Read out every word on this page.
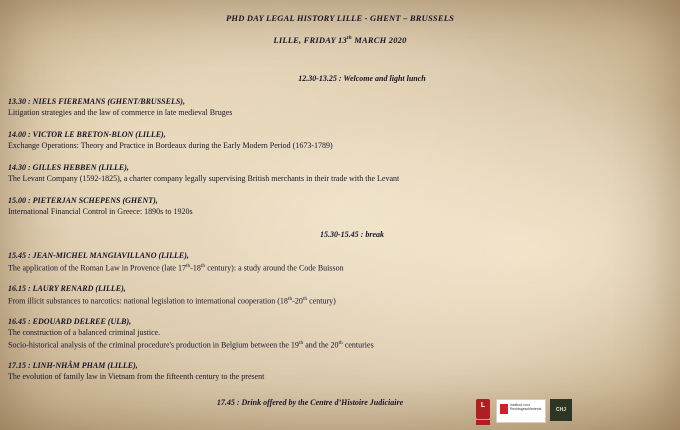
PHD DAY LEGAL HISTORY LILLE - GHENT – BRUSSELS
LILLE, FRIDAY 13th MARCH 2020
12.30-13.25 : Welcome and light lunch
13.30 : NIELS FIEREMANS (GHENT/BRUSSELS),
Litigation strategies and the law of commerce in late medieval Bruges
14.00 : VICTOR LE BRETON-BLON (LILLE),
Exchange Operations: Theory and Practice in Bordeaux during the Early Modern Period (1673-1789)
14.30 : GILLES HEBBEN (LILLE),
The Levant Company (1592-1825), a charter company legally supervising British merchants in their trade with the Levant
15.00 : PIETERJAN SCHEPENS (GHENT),
International Financial Control in Greece: 1890s to 1920s
15.30-15.45 : break
15.45 : JEAN-MICHEL MANGIAVILLANO (LILLE),
The application of the Roman Law in Provence (late 17th-18th century): a study around the Code Buisson
16.15 : LAURY RENARD (LILLE),
From illicit substances to narcotics: national legislation to international cooperation (18th-20th century)
16.45 : EDOUARD DELREE (ULB),
The construction of a balanced criminal justice.
Socio-historical analysis of the criminal procedure's production in Belgium between the 19th and the 20th centuries
17.15 : LINH-NHÂM PHAM (LILLE),
The evolution of family law in Vietnam from the fifteenth century to the present
17.45 : Drink offered by the Centre d’Histoire Judiciaire	L	Instituut voor Rechtsgeschiedenis	CHJ
